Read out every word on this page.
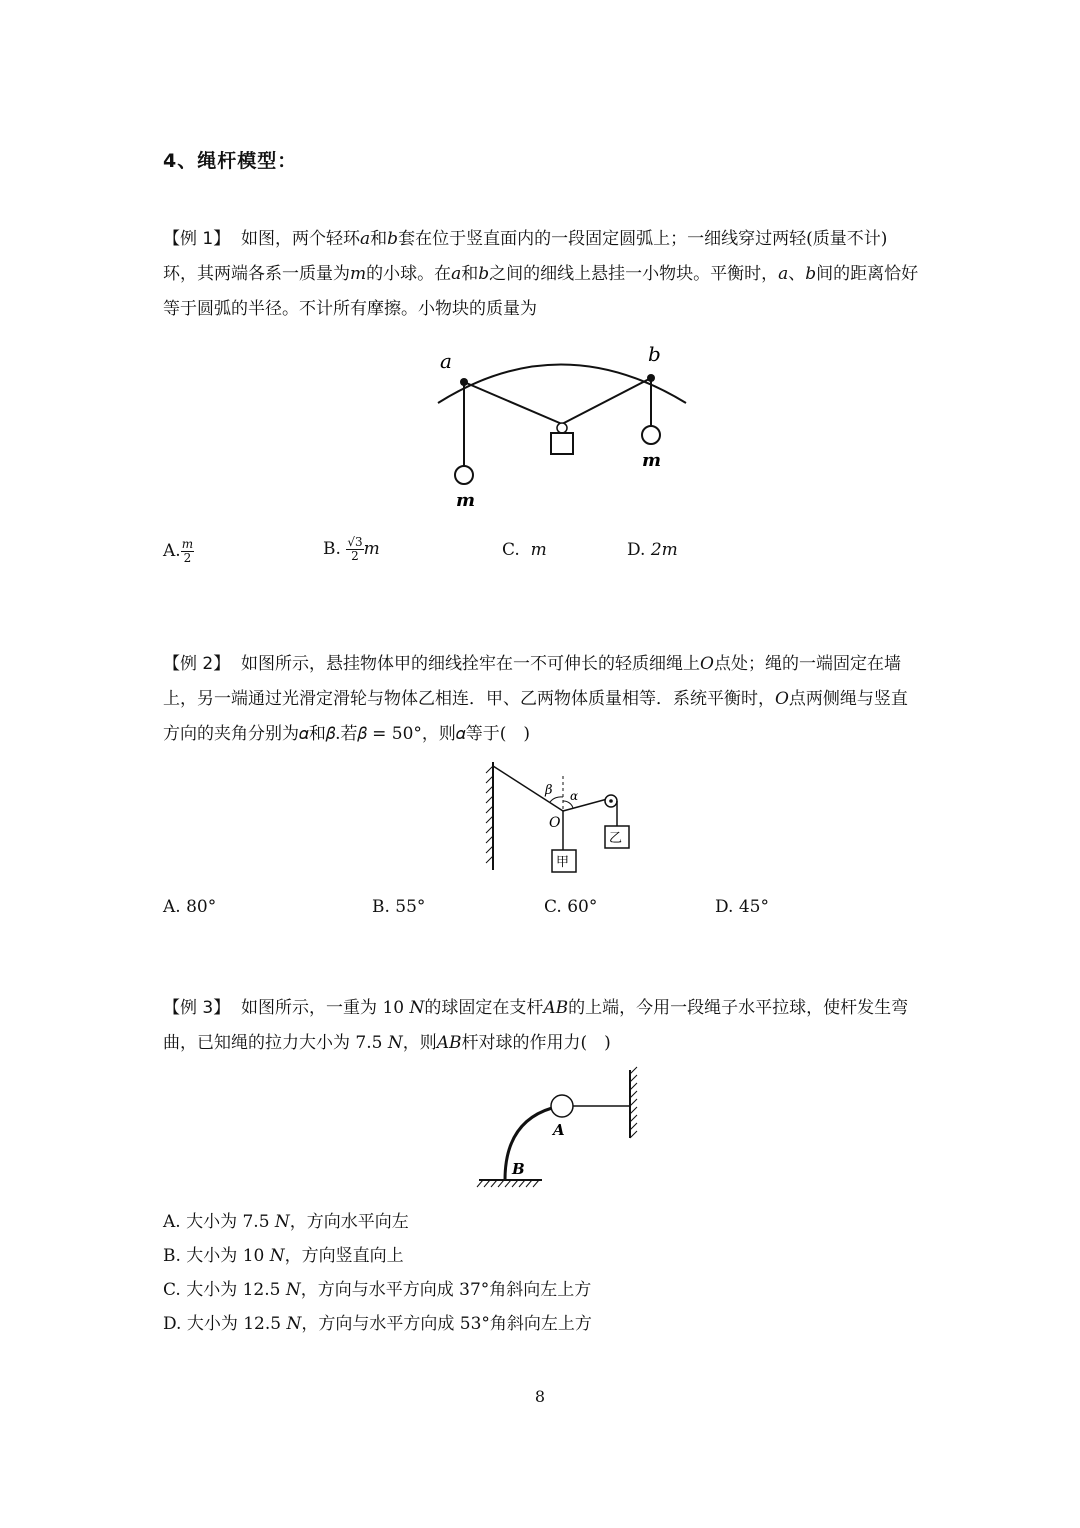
4、绳杆模型：

【例 1】 如图，两个轻环𝑎和𝑏套在位于竖直面内的一段固定圆弧上；一细线穿过两轻(质量不计)环，其两端各系一质量为𝑚的小球。在𝑎和𝑏之间的细线上悬挂一小物块。平衡时，𝑎、𝑏间的距离恰好等于圆弧的半径。不计所有摩擦。小物块的质量为

a	b
m
m
A. $\frac{m}{2}$	B. $\frac{√3}{2}$ m	C. m	D. 2m

【例 2】 如图所示，悬挂物体甲的细线拴牢在一不可伸长的轻质细绳上𝑂点处；绳的一端固定在墙上，另一端通过光滑定滑轮与物体乙相连．甲、乙两物体质量相等．系统平衡时，𝑂点两侧绳与竖直方向的夹角分别为𝛼和𝛽.若𝛽 = 50°，则𝛼等于(　)

β α
O
甲
乙
A. 80°	B. 55°	C. 60°	D. 45°

【例 3】 如图所示，一重为 10 𝑁的球固定在支杆𝐴𝐵的上端，今用一段绳子水平拉球，使杆发生弯曲，已知绳的拉力大小为 7.5 𝑁，则𝐴𝐵杆对球的作用力(　)

A
B
A. 大小为 7.5 𝑁，方向水平向左
B. 大小为 10 𝑁，方向竖直向上
C. 大小为 12.5 𝑁，方向与水平方向成 37°角斜向左上方
D. 大小为 12.5 𝑁，方向与水平方向成 53°角斜向左上方
8
